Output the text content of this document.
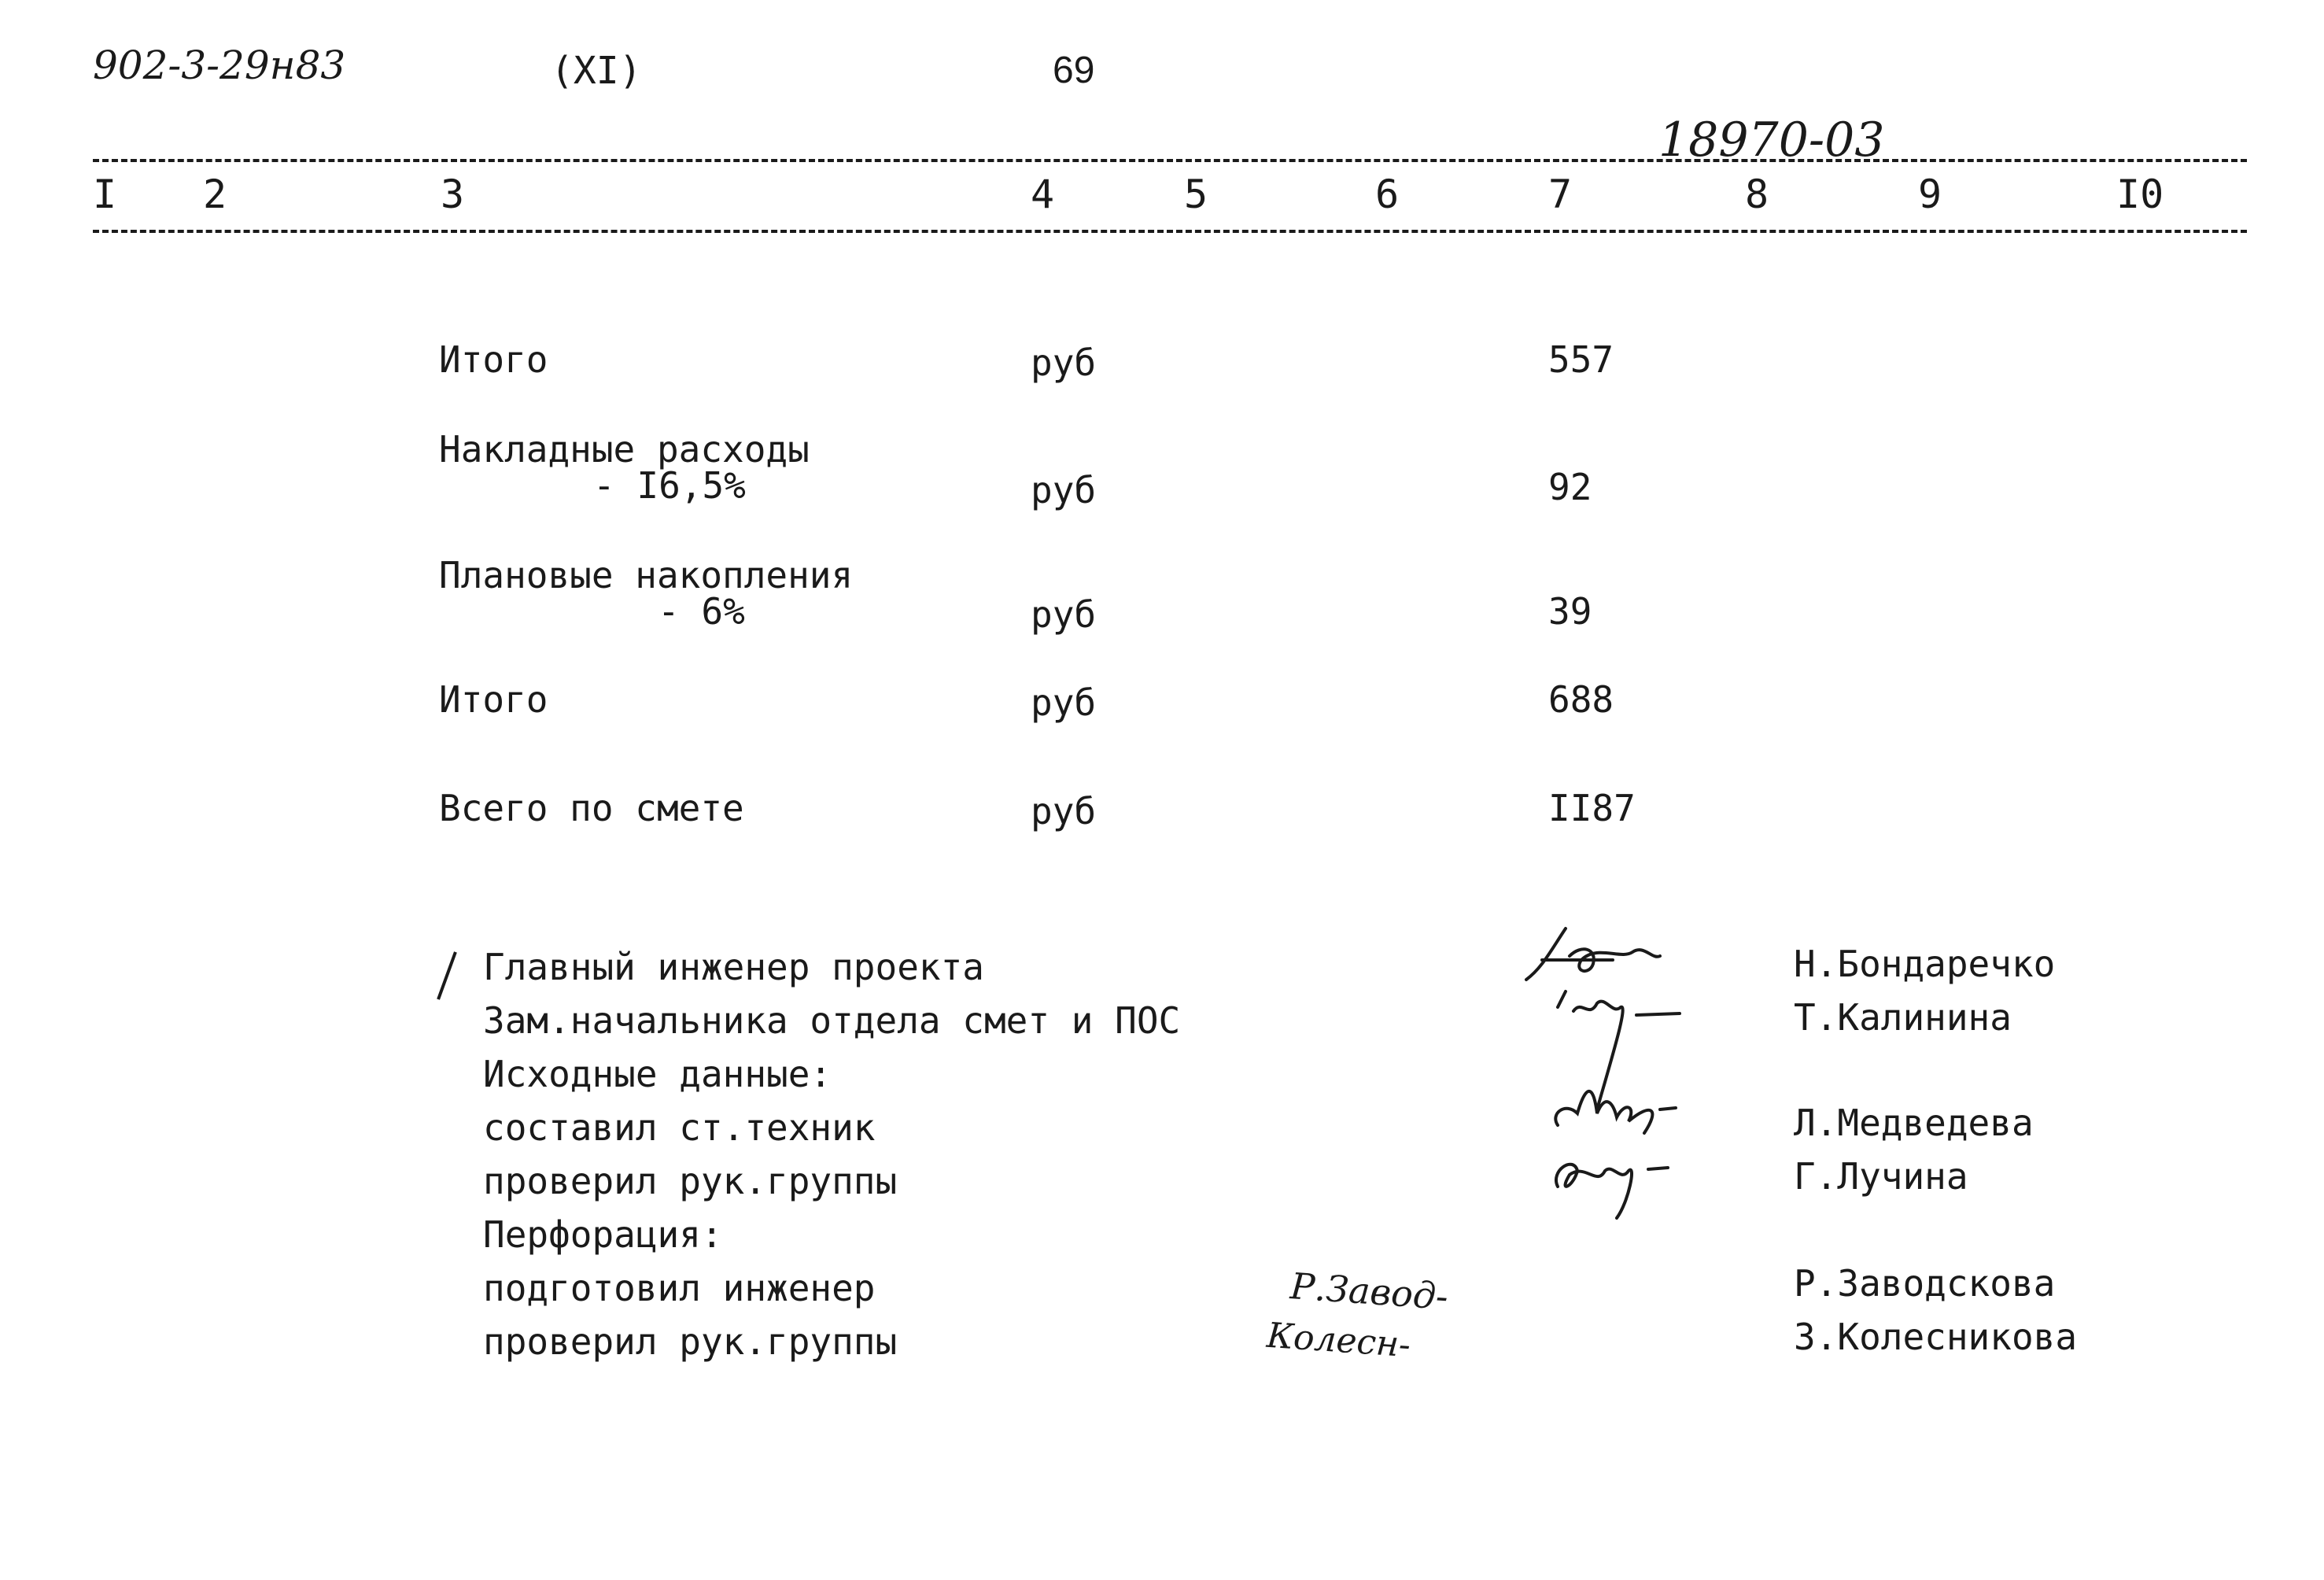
902-3-29н83	(XI)	69
18970-03
I 2	3	4	5	6	7	8	9	I0
Итого	руб	557
Накладные расходы
- I6,5%	руб	92
Плановые накопления
- 6%	руб	39
Итого	руб	688
Всего по смете	руб	II87
Главный инженер проекта	Н.Бондаречко
Зам.начальника отдела смет и ПОС	Т.Калинина
Исходные данные:
составил ст.техник	Л.Медведева
проверил рук.группы	Г.Лучина
Перфорация:
подготовил инженер	Р.Заводскова
проверил рук.группы	З.Колесникова
Р.Завод-
Колесн-
